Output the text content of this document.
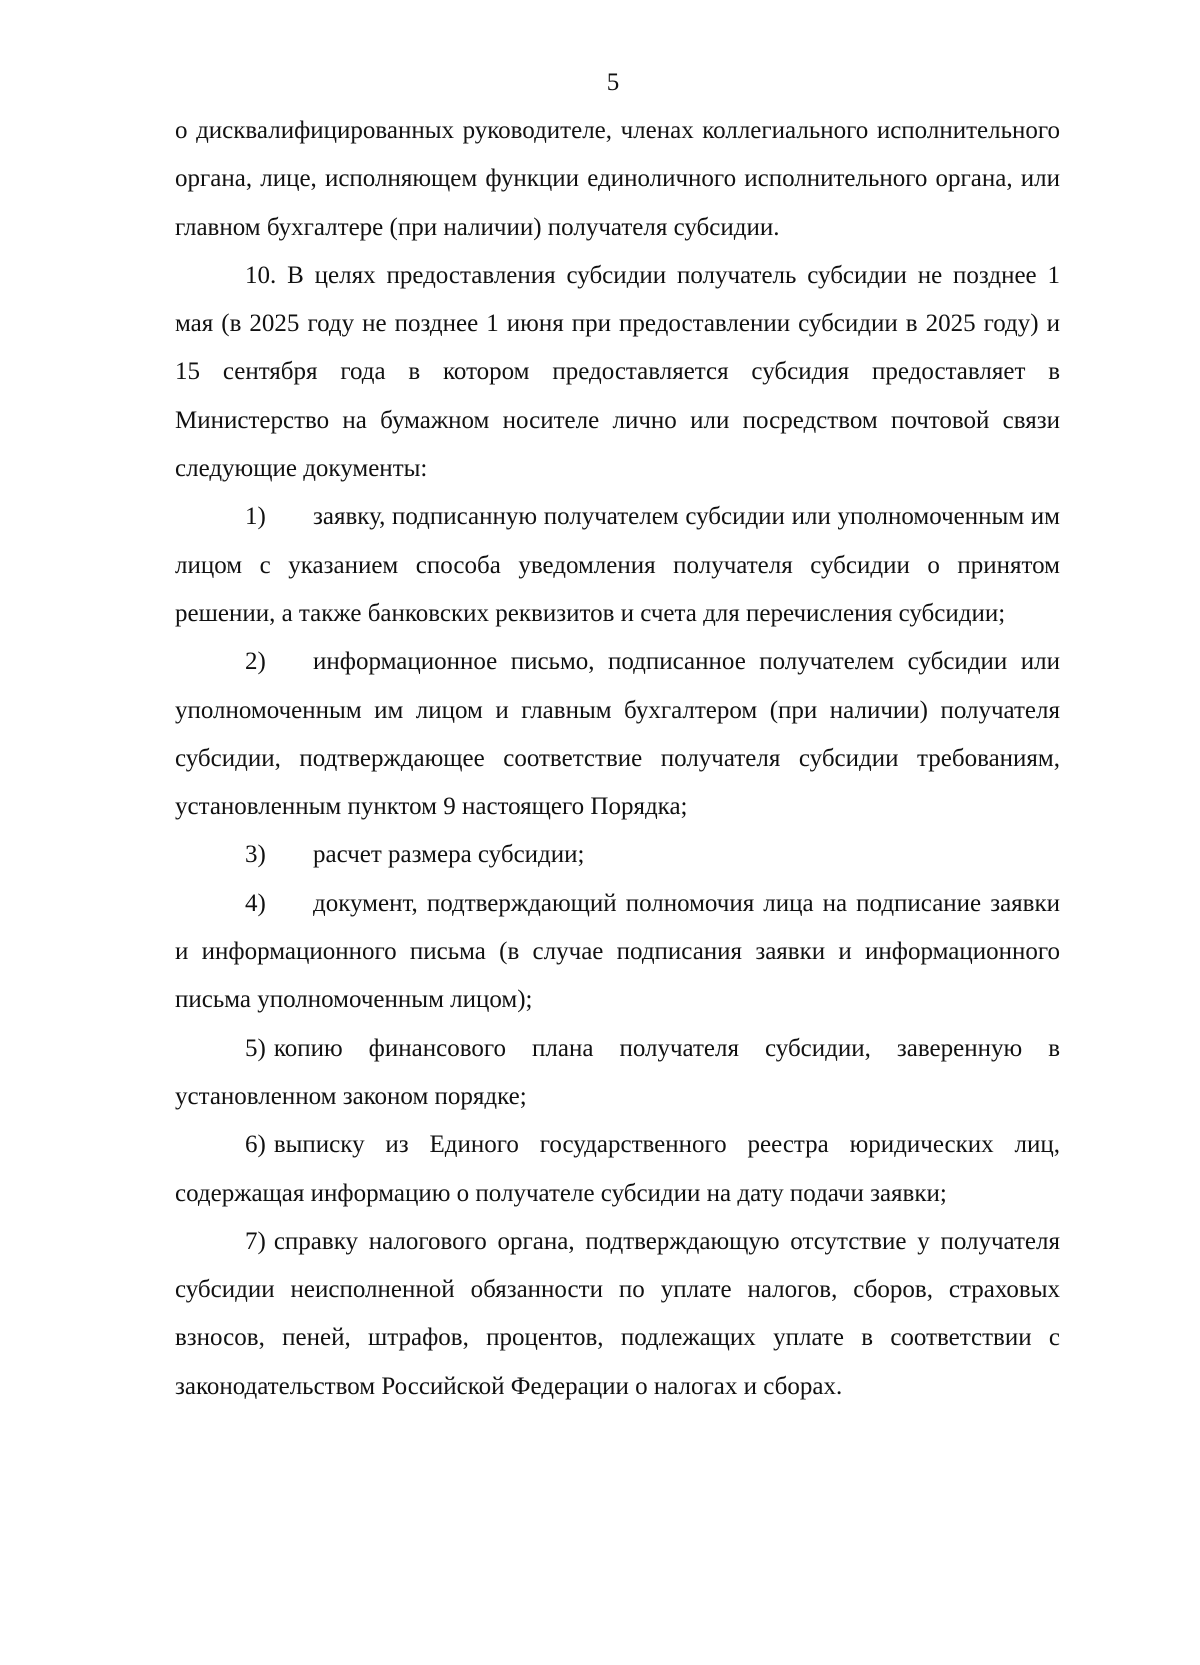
5

о дисквалифицированных руководителе, членах коллегиального исполнительного органа, лице, исполняющем функции единоличного исполнительного органа, или главном бухгалтере (при наличии) получателя субсидии.

10. В целях предоставления субсидии получатель субсидии не позднее 1 мая (в 2025 году не позднее 1 июня при предоставлении субсидии в 2025 году) и 15 сентября года в котором предоставляется субсидия предоставляет в Министерство на бумажном носителе лично или посредством почтовой связи следующие документы:

1) заявку, подписанную получателем субсидии или уполномоченным им лицом с указанием способа уведомления получателя субсидии о принятом решении, а также банковских реквизитов и счета для перечисления субсидии;

2) информационное письмо, подписанное получателем субсидии или уполномоченным им лицом и главным бухгалтером (при наличии) получателя субсидии, подтверждающее соответствие получателя субсидии требованиям, установленным пунктом 9 настоящего Порядка;

3) расчет размера субсидии;

4) документ, подтверждающий полномочия лица на подписание заявки и информационного письма (в случае подписания заявки и информационного письма уполномоченным лицом);

5) копию финансового плана получателя субсидии, заверенную в установленном законом порядке;

6) выписку из Единого государственного реестра юридических лиц, содержащая информацию о получателе субсидии на дату подачи заявки;

7) справку налогового органа, подтверждающую отсутствие у получателя субсидии неисполненной обязанности по уплате налогов, сборов, страховых взносов, пеней, штрафов, процентов, подлежащих уплате в соответствии с законодательством Российской Федерации о налогах и сборах.
